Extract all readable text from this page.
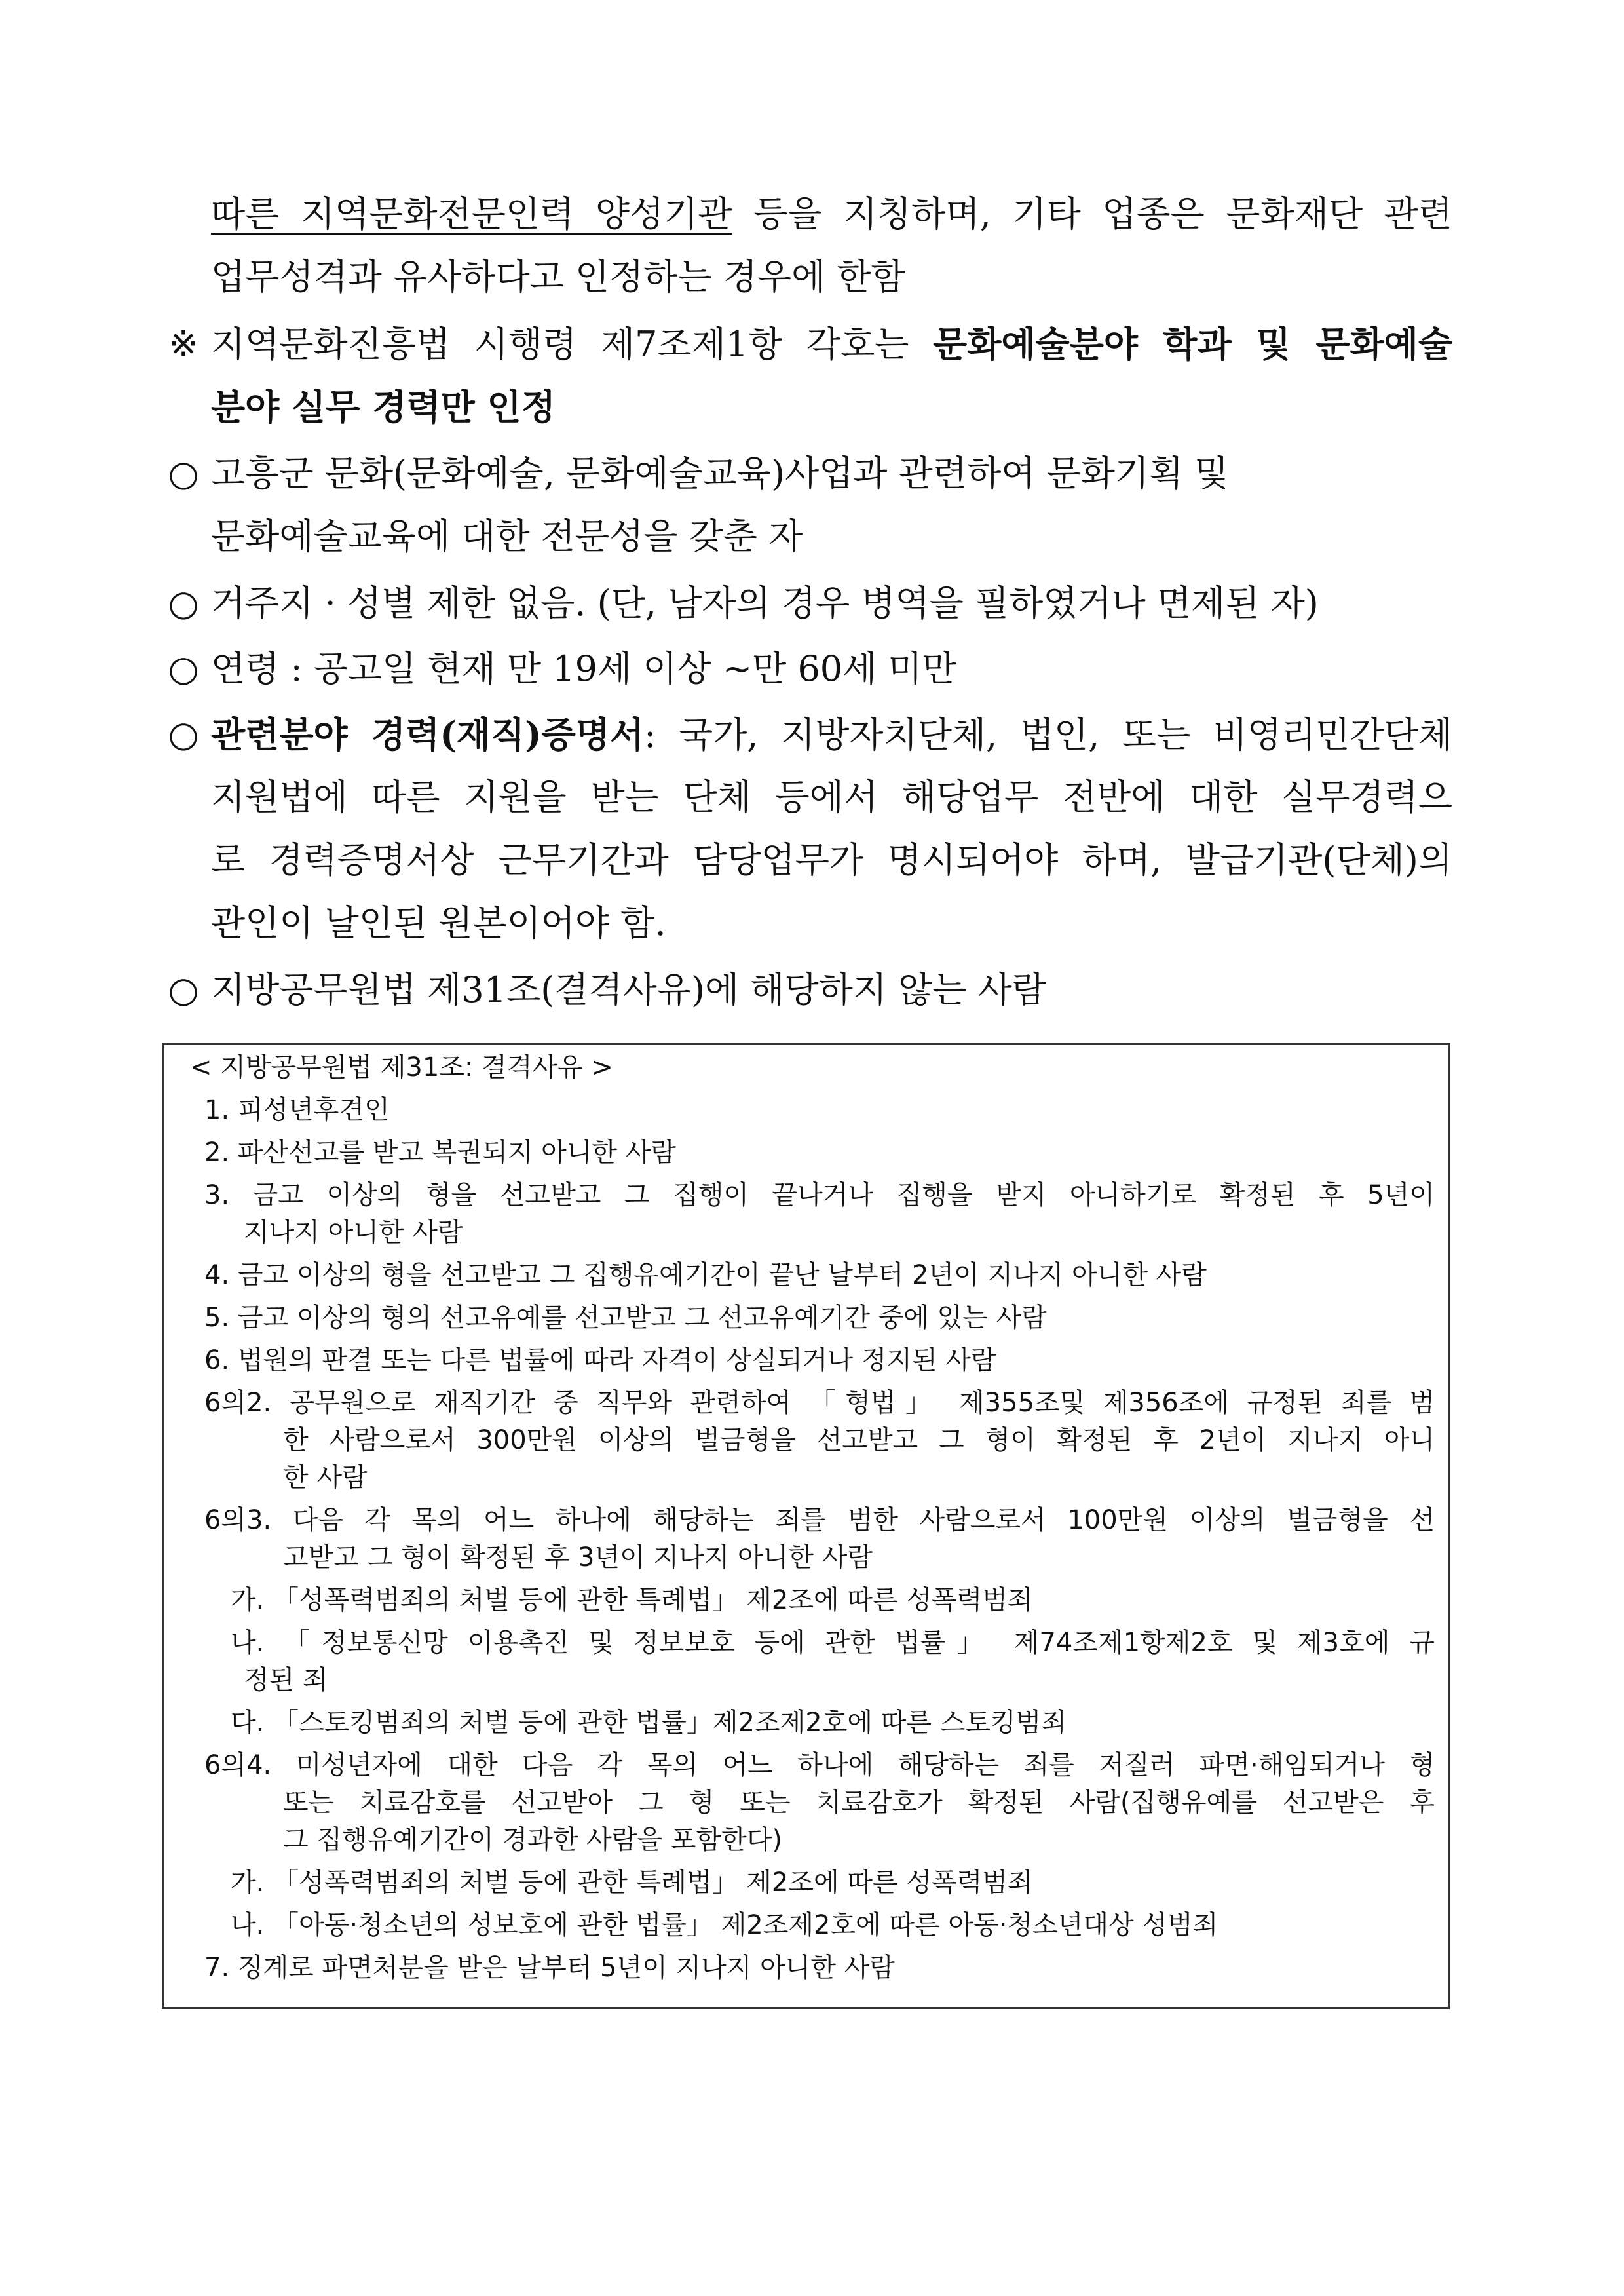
따른 지역문화전문인력 양성기관 등을 지칭하며, 기타 업종은 문화재단 관련
업무성격과 유사하다고 인정하는 경우에 한함
※ 지역문화진흥법 시행령 제7조제1항 각호는 문화예술분야 학과 및 문화예술
분야 실무 경력만 인정
○ 고흥군 문화(문화예술, 문화예술교육)사업과 관련하여 문화기획 및
문화예술교육에 대한 전문성을 갖춘 자
○ 거주지 · 성별 제한 없음. (단, 남자의 경우 병역을 필하였거나 면제된 자)
○ 연령 : 공고일 현재 만 19세 이상 ~만 60세 미만
○ 관련분야 경력(재직)증명서: 국가, 지방자치단체, 법인, 또는 비영리민간단체
지원법에 따른 지원을 받는 단체 등에서 해당업무 전반에 대한 실무경력으
로 경력증명서상 근무기간과 담당업무가 명시되어야 하며, 발급기관(단체)의
관인이 날인된 원본이어야 함.
○ 지방공무원법 제31조(결격사유)에 해당하지 않는 사람
< 지방공무원법 제31조: 결격사유 >
1. 피성년후견인
2. 파산선고를 받고 복권되지 아니한 사람
3. 금고 이상의 형을 선고받고 그 집행이 끝나거나 집행을 받지 아니하기로 확정된 후 5년이
지나지 아니한 사람
4. 금고 이상의 형을 선고받고 그 집행유예기간이 끝난 날부터 2년이 지나지 아니한 사람
5. 금고 이상의 형의 선고유예를 선고받고 그 선고유예기간 중에 있는 사람
6. 법원의 판결 또는 다른 법률에 따라 자격이 상실되거나 정지된 사람
6의2. 공무원으로 재직기간 중 직무와 관련하여 「형법」 제355조및 제356조에 규정된 죄를 범
한 사람으로서 300만원 이상의 벌금형을 선고받고 그 형이 확정된 후 2년이 지나지 아니
한 사람
6의3. 다음 각 목의 어느 하나에 해당하는 죄를 범한 사람으로서 100만원 이상의 벌금형을 선
고받고 그 형이 확정된 후 3년이 지나지 아니한 사람
가. 「성폭력범죄의 처벌 등에 관한 특례법」 제2조에 따른 성폭력범죄
나. 「정보통신망 이용촉진 및 정보보호 등에 관한 법률」 제74조제1항제2호 및 제3호에 규
정된 죄
다. 「스토킹범죄의 처벌 등에 관한 법률」제2조제2호에 따른 스토킹범죄
6의4. 미성년자에 대한 다음 각 목의 어느 하나에 해당하는 죄를 저질러 파면·해임되거나 형
또는 치료감호를 선고받아 그 형 또는 치료감호가 확정된 사람(집행유예를 선고받은 후
그 집행유예기간이 경과한 사람을 포함한다)
가. 「성폭력범죄의 처벌 등에 관한 특례법」 제2조에 따른 성폭력범죄
나. 「아동·청소년의 성보호에 관한 법률」 제2조제2호에 따른 아동·청소년대상 성범죄
7. 징계로 파면처분을 받은 날부터 5년이 지나지 아니한 사람
